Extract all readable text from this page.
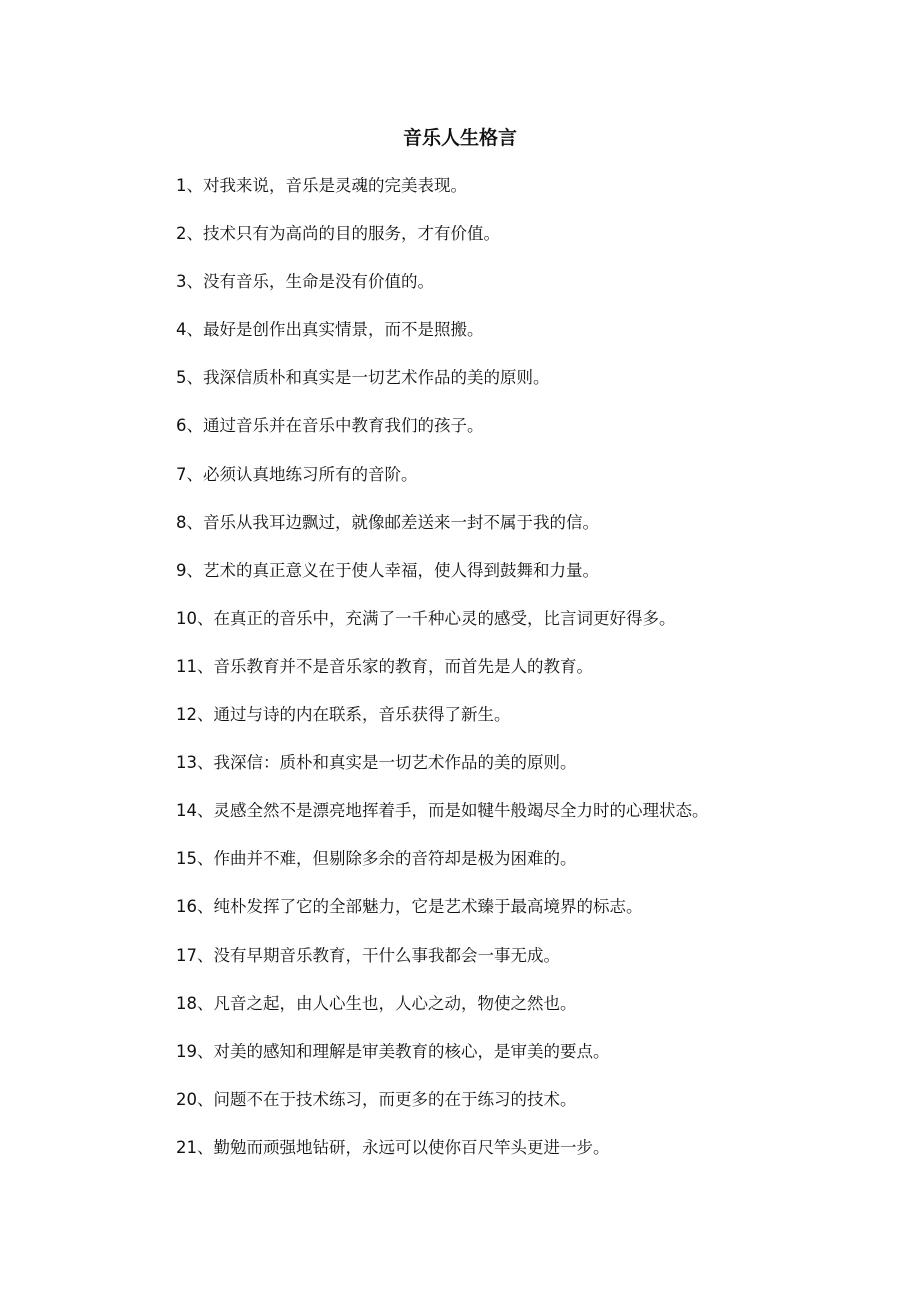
音乐人生格言
1、对我来说，音乐是灵魂的完美表现。
2、技术只有为高尚的目的服务，才有价值。
3、没有音乐，生命是没有价值的。
4、最好是创作出真实情景，而不是照搬。
5、我深信质朴和真实是一切艺术作品的美的原则。
6、通过音乐并在音乐中教育我们的孩子。
7、必须认真地练习所有的音阶。
8、音乐从我耳边飘过，就像邮差送来一封不属于我的信。
9、艺术的真正意义在于使人幸福，使人得到鼓舞和力量。
10、在真正的音乐中，充满了一千种心灵的感受，比言词更好得多。
11、音乐教育并不是音乐家的教育，而首先是人的教育。
12、通过与诗的内在联系，音乐获得了新生。
13、我深信：质朴和真实是一切艺术作品的美的原则。
14、灵感全然不是漂亮地挥着手，而是如犍牛般竭尽全力时的心理状态。
15、作曲并不难，但剔除多余的音符却是极为困难的。
16、纯朴发挥了它的全部魅力，它是艺术臻于最高境界的标志。
17、没有早期音乐教育，干什么事我都会一事无成。
18、凡音之起，由人心生也，人心之动，物使之然也。
19、对美的感知和理解是审美教育的核心，是审美的要点。
20、问题不在于技术练习，而更多的在于练习的技术。
21、勤勉而顽强地钻研，永远可以使你百尺竿头更进一步。
